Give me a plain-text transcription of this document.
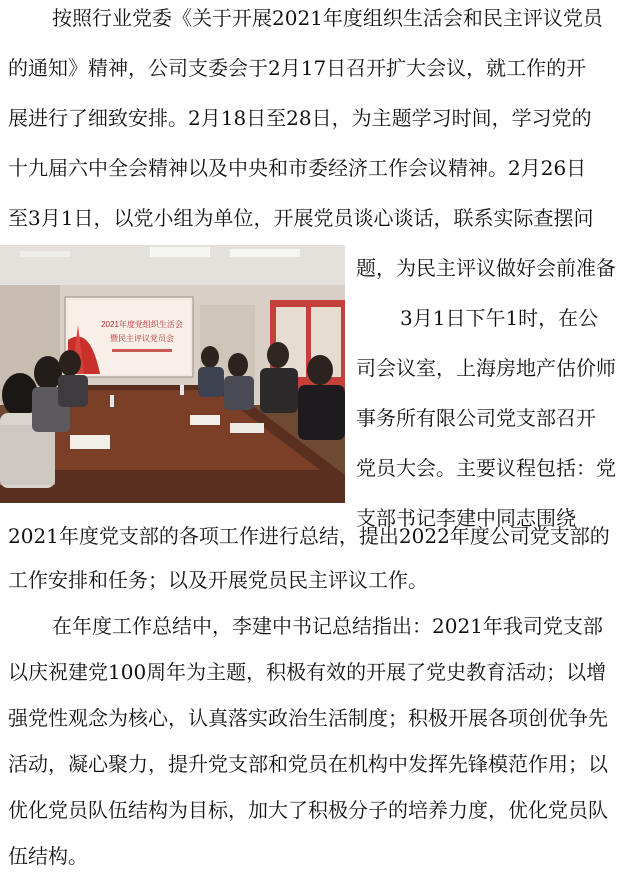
按照行业党委《关于开展2021年度组织生活会和民主评议党员
的通知》精神，公司支委会于2月17日召开扩大会议，就工作的开
展进行了细致安排。2月18日至28日，为主题学习时间，学习党的
十九届六中全会精神以及中央和市委经济工作会议精神。2月26日
至3月1日，以党小组为单位，开展党员谈心谈话，联系实际查摆问
2021年度党组织生活会
暨民主评议党员会
题，为民主评议做好会前准备
3月1日下午1时，在公
司会议室，上海房地产估价师
事务所有限公司党支部召开
党员大会。主要议程包括：党
支部书记李建中同志围绕
2021年度党支部的各项工作进行总结，提出2022年度公司党支部的
工作安排和任务；以及开展党员民主评议工作。
在年度工作总结中，李建中书记总结指出：2021年我司党支部
以庆祝建党100周年为主题，积极有效的开展了党史教育活动；以增
强党性观念为核心，认真落实政治生活制度；积极开展各项创优争先
活动，凝心聚力，提升党支部和党员在机构中发挥先锋模范作用；以
优化党员队伍结构为目标，加大了积极分子的培养力度，优化党员队
伍结构。
